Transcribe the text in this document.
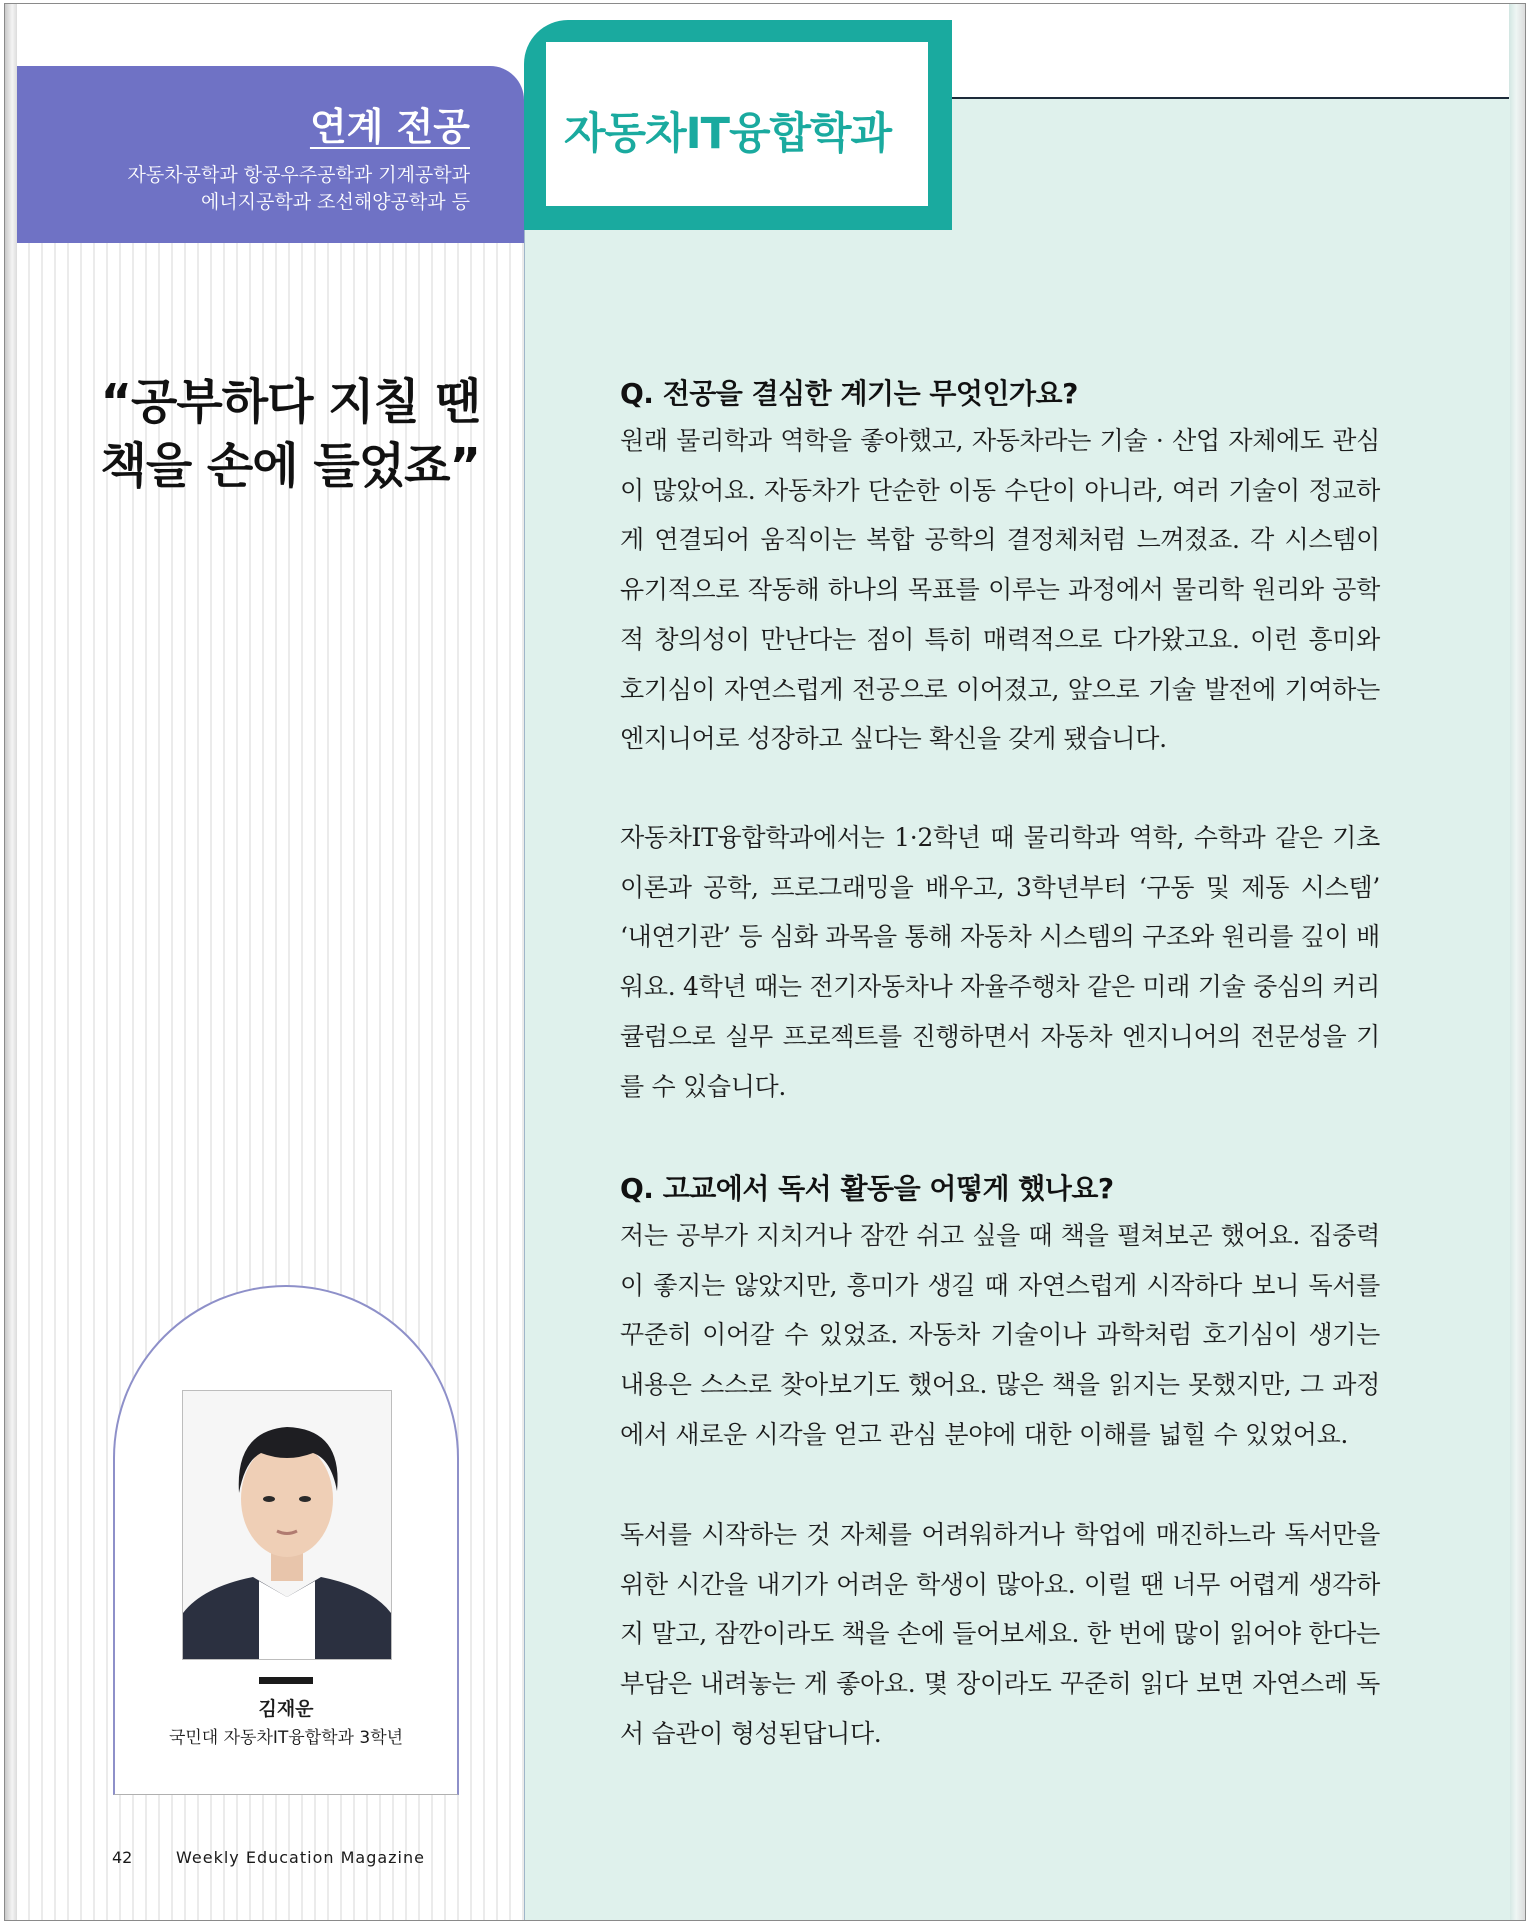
연계 전공
자동차공학과 항공우주공학과 기계공학과
에너지공학과 조선해양공학과 등
자동차IT융합학과
“공부하다 지칠 땐
책을 손에 들었죠”
김재운
국민대 자동차IT융합학과 3학년
42	Weekly Education Magazine
Q. 전공을 결심한 계기는 무엇인가요?
원래 물리학과 역학을 좋아했고, 자동차라는 기술 · 산업 자체에도 관심이 많았어요. 자동차가 단순한 이동 수단이 아니라, 여러 기술이 정교하게 연결되어 움직이는 복합 공학의 결정체처럼 느껴졌죠. 각 시스템이 유기적으로 작동해 하나의 목표를 이루는 과정에서 물리학 원리와 공학적 창의성이 만난다는 점이 특히 매력적으로 다가왔고요. 이런 흥미와 호기심이 자연스럽게 전공으로 이어졌고, 앞으로 기술 발전에 기여하는 엔지니어로 성장하고 싶다는 확신을 갖게 됐습니다.
자동차IT융합학과에서는 1·2학년 때 물리학과 역학, 수학과 같은 기초 이론과 공학, 프로그래밍을 배우고, 3학년부터 ‘구동 및 제동 시스템’ ‘내연기관’ 등 심화 과목을 통해 자동차 시스템의 구조와 원리를 깊이 배워요. 4학년 때는 전기자동차나 자율주행차 같은 미래 기술 중심의 커리큘럼으로 실무 프로젝트를 진행하면서 자동차 엔지니어의 전문성을 기를 수 있습니다.
Q. 고교에서 독서 활동을 어떻게 했나요?
저는 공부가 지치거나 잠깐 쉬고 싶을 때 책을 펼쳐보곤 했어요. 집중력이 좋지는 않았지만, 흥미가 생길 때 자연스럽게 시작하다 보니 독서를 꾸준히 이어갈 수 있었죠. 자동차 기술이나 과학처럼 호기심이 생기는 내용은 스스로 찾아보기도 했어요. 많은 책을 읽지는 못했지만, 그 과정에서 새로운 시각을 얻고 관심 분야에 대한 이해를 넓힐 수 있었어요.
독서를 시작하는 것 자체를 어려워하거나 학업에 매진하느라 독서만을 위한 시간을 내기가 어려운 학생이 많아요. 이럴 땐 너무 어렵게 생각하지 말고, 잠깐이라도 책을 손에 들어보세요. 한 번에 많이 읽어야 한다는 부담은 내려놓는 게 좋아요. 몇 장이라도 꾸준히 읽다 보면 자연스레 독서 습관이 형성된답니다.
